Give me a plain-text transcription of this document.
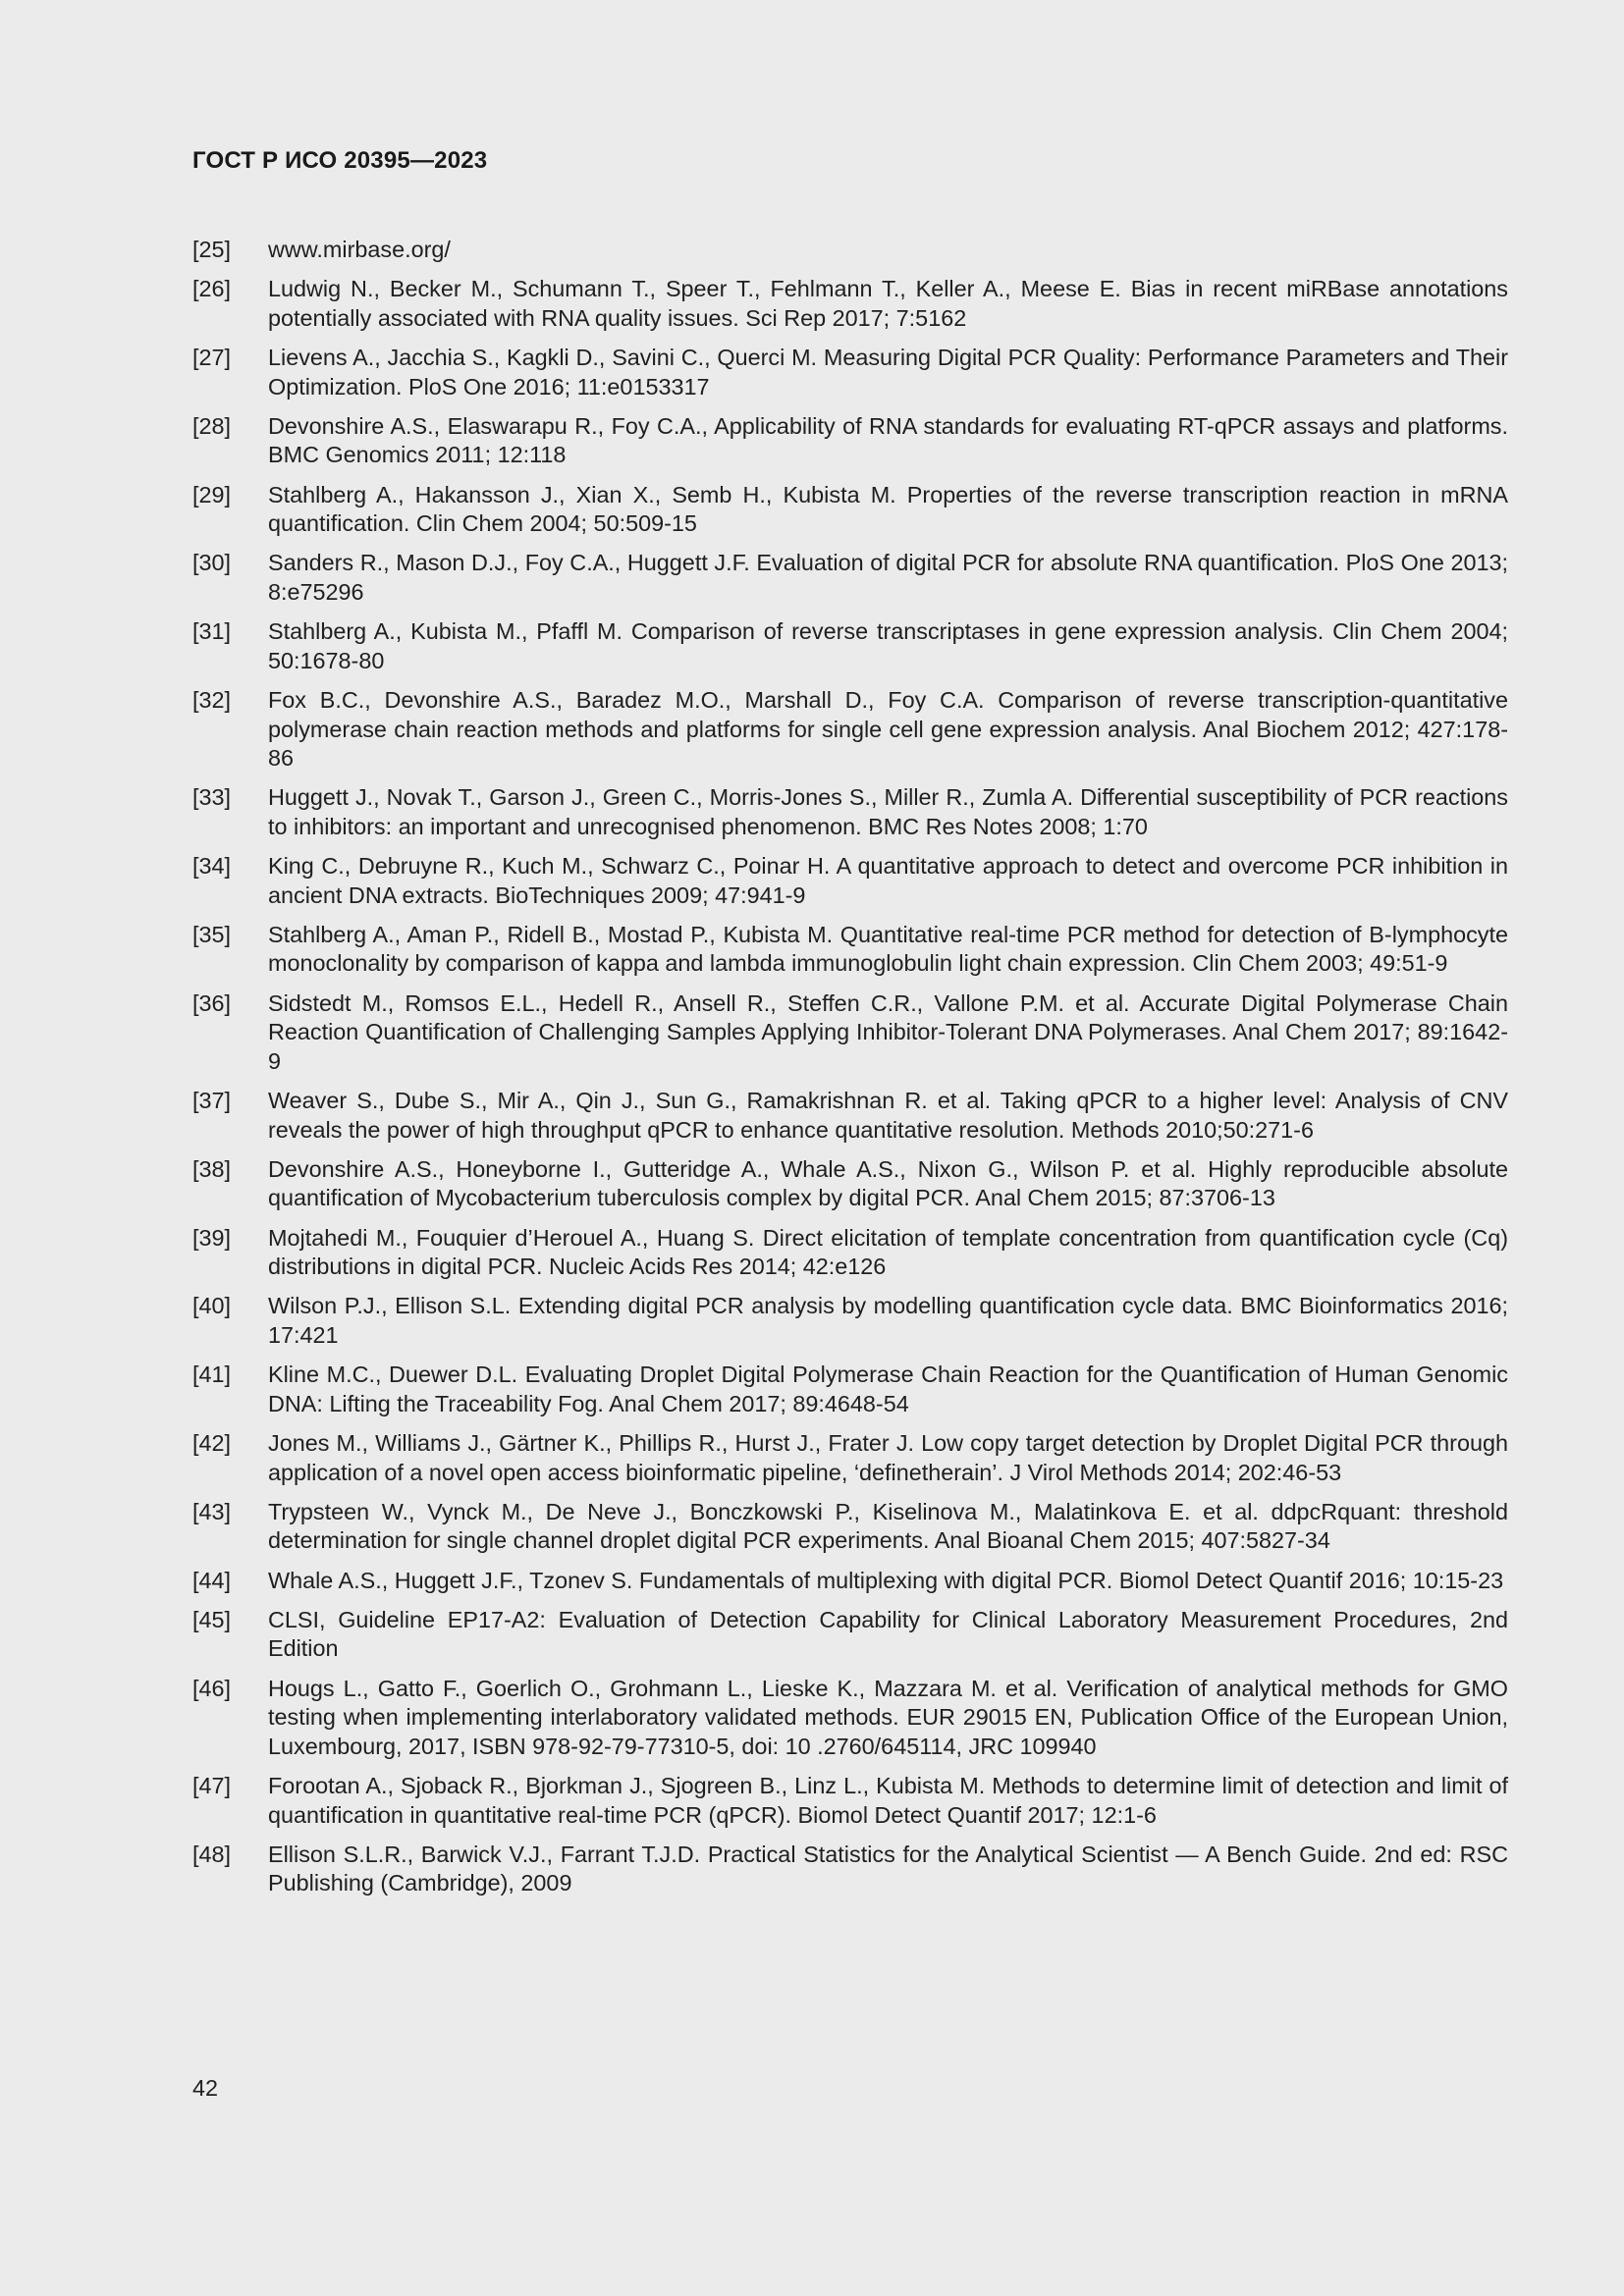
ГОСТ Р ИСО 20395—2023
[25]	www.mirbase.org/
[26]	Ludwig N., Becker M., Schumann T., Speer T., Fehlmann T., Keller A., Meese E. Bias in recent miRBase annotations potentially associated with RNA quality issues. Sci Rep 2017; 7:5162
[27]	Lievens A., Jacchia S., Kagkli D., Savini C., Querci M. Measuring Digital PCR Quality: Performance Parameters and Their Optimization. PloS One 2016; 11:e0153317
[28]	Devonshire A.S., Elaswarapu R., Foy C.A., Applicability of RNA standards for evaluating RT-qPCR assays and platforms. BMC Genomics 2011; 12:118
[29]	Stahlberg A., Hakansson J., Xian X., Semb H., Kubista M. Properties of the reverse transcription reaction in mRNA quantification. Clin Chem 2004; 50:509-15
[30]	Sanders R., Mason D.J., Foy C.A., Huggett J.F. Evaluation of digital PCR for absolute RNA quantification. PloS One 2013; 8:e75296
[31]	Stahlberg A., Kubista M., Pfaffl M. Comparison of reverse transcriptases in gene expression analysis. Clin Chem 2004; 50:1678-80
[32]	Fox B.C., Devonshire A.S., Baradez M.O., Marshall D., Foy C.A. Comparison of reverse transcription-quantitative polymerase chain reaction methods and platforms for single cell gene expression analysis. Anal Biochem 2012; 427:178-86
[33]	Huggett J., Novak T., Garson J., Green C., Morris-Jones S., Miller R., Zumla A. Differential susceptibility of PCR reactions to inhibitors: an important and unrecognised phenomenon. BMC Res Notes 2008; 1:70
[34]	King C., Debruyne R., Kuch M., Schwarz C., Poinar H. A quantitative approach to detect and overcome PCR inhibition in ancient DNA extracts. BioTechniques 2009; 47:941-9
[35]	Stahlberg A., Aman P., Ridell B., Mostad P., Kubista M. Quantitative real-time PCR method for detection of B-lymphocyte monoclonality by comparison of kappa and lambda immunoglobulin light chain expression. Clin Chem 2003; 49:51-9
[36]	Sidstedt M., Romsos E.L., Hedell R., Ansell R., Steffen C.R., Vallone P.M. et al. Accurate Digital Polymerase Chain Reaction Quantification of Challenging Samples Applying Inhibitor-Tolerant DNA Polymerases. Anal Chem 2017; 89:1642-9
[37]	Weaver S., Dube S., Mir A., Qin J., Sun G., Ramakrishnan R. et al. Taking qPCR to a higher level: Analysis of CNV reveals the power of high throughput qPCR to enhance quantitative resolution. Methods 2010;50:271-6
[38]	Devonshire A.S., Honeyborne I., Gutteridge A., Whale A.S., Nixon G., Wilson P. et al. Highly reproducible absolute quantification of Mycobacterium tuberculosis complex by digital PCR. Anal Chem 2015; 87:3706-13
[39]	Mojtahedi M., Fouquier d’Herouel A., Huang S. Direct elicitation of template concentration from quantification cycle (Cq) distributions in digital PCR. Nucleic Acids Res 2014; 42:e126
[40]	Wilson P.J., Ellison S.L. Extending digital PCR analysis by modelling quantification cycle data. BMC Bioinformatics 2016; 17:421
[41]	Kline M.C., Duewer D.L. Evaluating Droplet Digital Polymerase Chain Reaction for the Quantification of Human Genomic DNA: Lifting the Traceability Fog. Anal Chem 2017; 89:4648-54
[42]	Jones M., Williams J., Gärtner K., Phillips R., Hurst J., Frater J. Low copy target detection by Droplet Digital PCR through application of a novel open access bioinformatic pipeline, ‘definetherain’. J Virol Methods 2014; 202:46-53
[43]	Trypsteen W., Vynck M., De Neve J., Bonczkowski P., Kiselinova M., Malatinkova E. et al. ddpcRquant: threshold determination for single channel droplet digital PCR experiments. Anal Bioanal Chem 2015; 407:5827-34
[44]	Whale A.S., Huggett J.F., Tzonev S. Fundamentals of multiplexing with digital PCR. Biomol Detect Quantif 2016; 10:15-23
[45]	CLSI, Guideline EP17-A2: Evaluation of Detection Capability for Clinical Laboratory Measurement Procedures, 2nd Edition
[46]	Hougs L., Gatto F., Goerlich O., Grohmann L., Lieske K., Mazzara M. et al. Verification of analytical methods for GMO testing when implementing interlaboratory validated methods. EUR 29015 EN, Publication Office of the European Union, Luxembourg, 2017, ISBN 978-92-79-77310-5, doi: 10 .2760/645114, JRC 109940
[47]	Forootan A., Sjoback R., Bjorkman J., Sjogreen B., Linz L., Kubista M. Methods to determine limit of detection and limit of quantification in quantitative real-time PCR (qPCR). Biomol Detect Quantif 2017; 12:1-6
[48]	Ellison S.L.R., Barwick V.J., Farrant T.J.D. Practical Statistics for the Analytical Scientist — A Bench Guide. 2nd ed: RSC Publishing (Cambridge), 2009
42
